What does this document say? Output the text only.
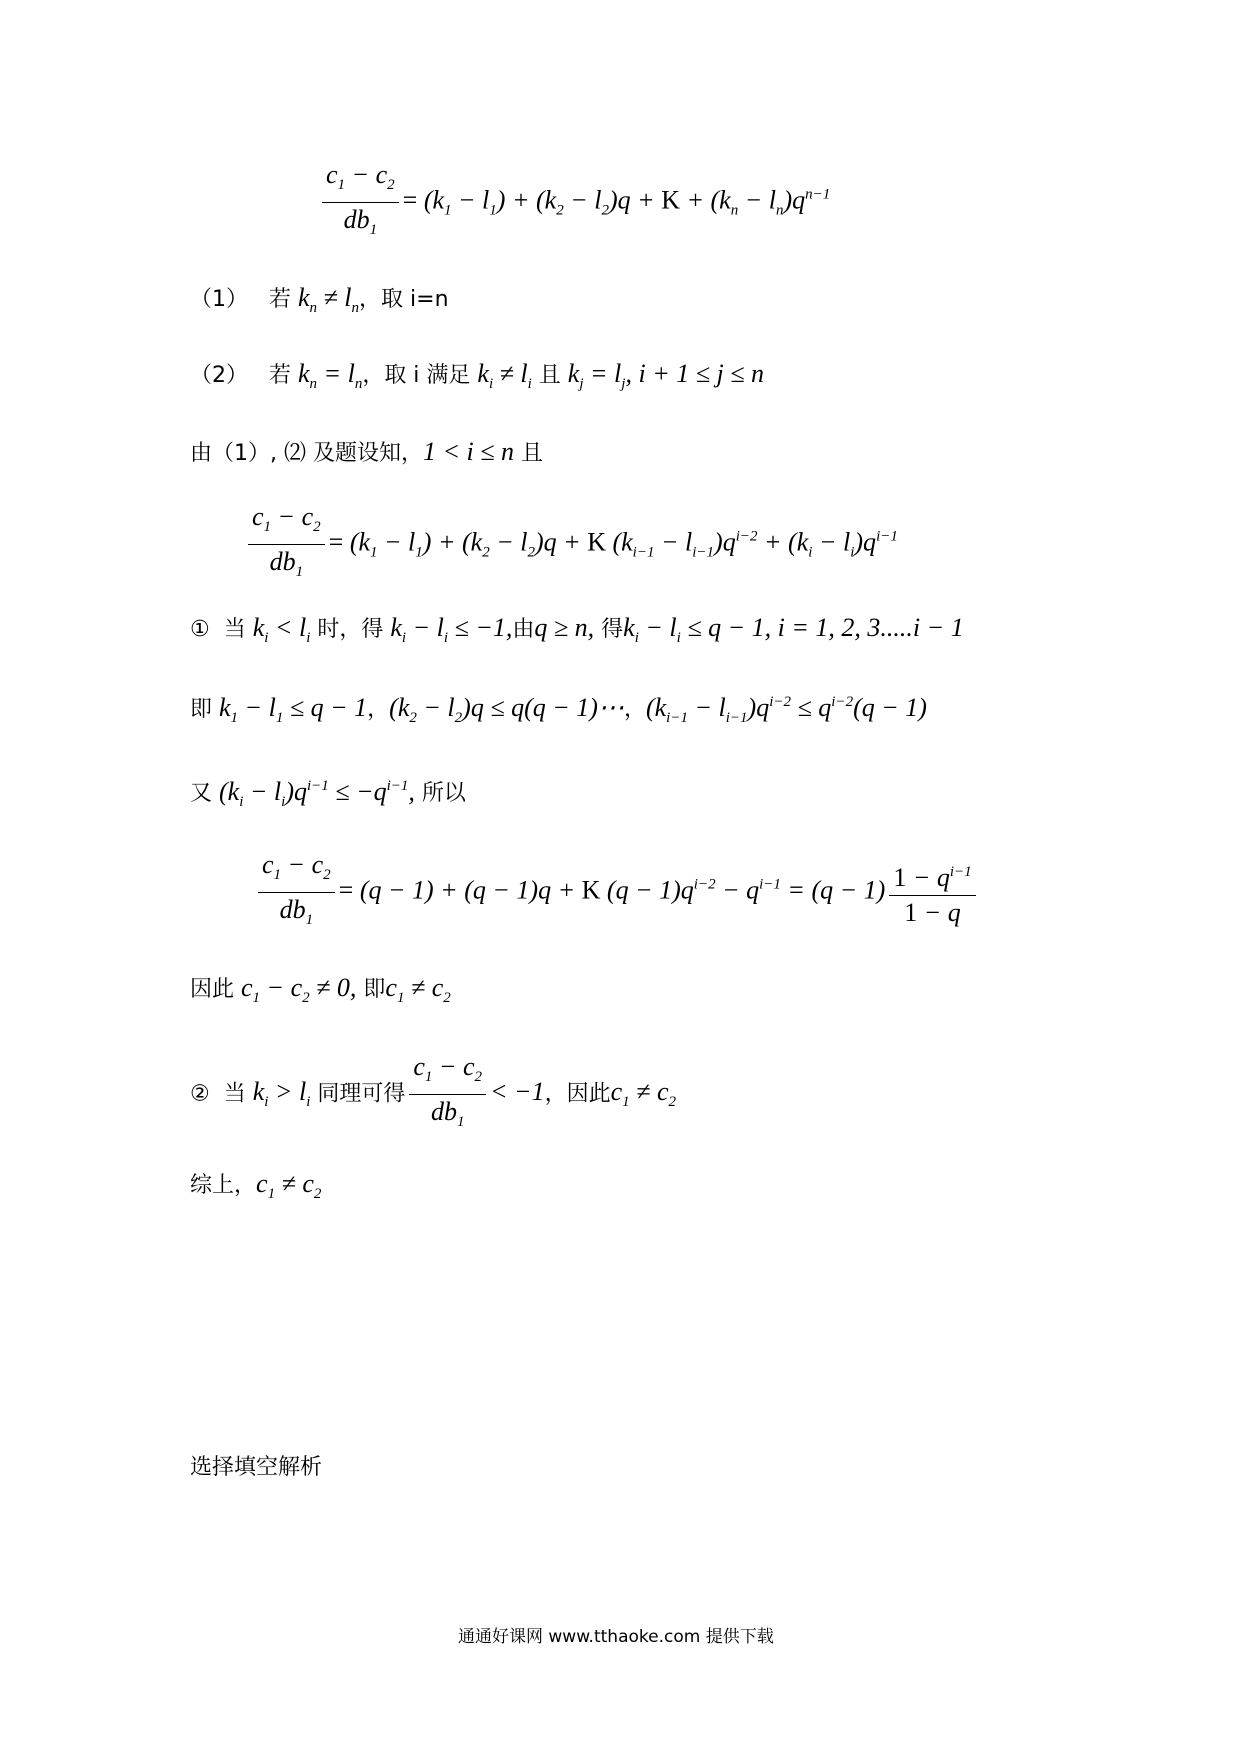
$\frac{c_1 - c_2}{db_1} = (k_1 - l_1) + (k_2 - l_2)q + K + (k_n - l_n)q^{n-1}$
（1）   若 $k_n \ne l_n$，取 i=n
（2）   若 $k_n = l_n$，取 i 满足 $k_i \ne l_i$ 且 $k_j = l_j$, i + 1 ≤ j ≤ n
由（1）, ⑵ 及题设知，1 < i ≤ n 且
$\frac{c_1 - c_2}{db_1} = (k_1 - l_1) + (k_2 - l_2)q + K$ $(k_{i-1} - l_{i-1})q^{i-2} + (k_i - l_i)q^{i-1}$
①  当 $k_i < l_i$ 时，得 $k_i - l_i \le -1$,由q ≥ n, 得$k_i - l_i \le q - 1$, i = 1, 2, 3.....i − 1
即 $k_1 - l_1 \le q - 1$，$(k_2 - l_2)q \le q(q$ − 1)⋯，$(k_{i-1} - l_{i-1})q^{i-2} \le q^{i-2}(q - 1)$
又 $(k_i - l_i)q^{i-1} \le -q^{i-1}$, 所以
$\frac{c_1 - c_2}{db_1} = (q - 1) + (q - 1)q + K$ $(q - 1)q^{i-2} - q^{i-1} = (q - 1) \frac{1 - q^{i-1}}{1 - q}$
因此 $c_1 - c_2 \ne 0$, 即$c_1 \ne c_2$
②  当 $k_i > l_i$ 同理可得 $\frac{c_1 - c_2}{db_1} < -1$，因此$c_1 \ne c_2$
综上，$c_1 \ne c_2$
选择填空解析
通通好课网 www.tthaoke.com 提供下载
